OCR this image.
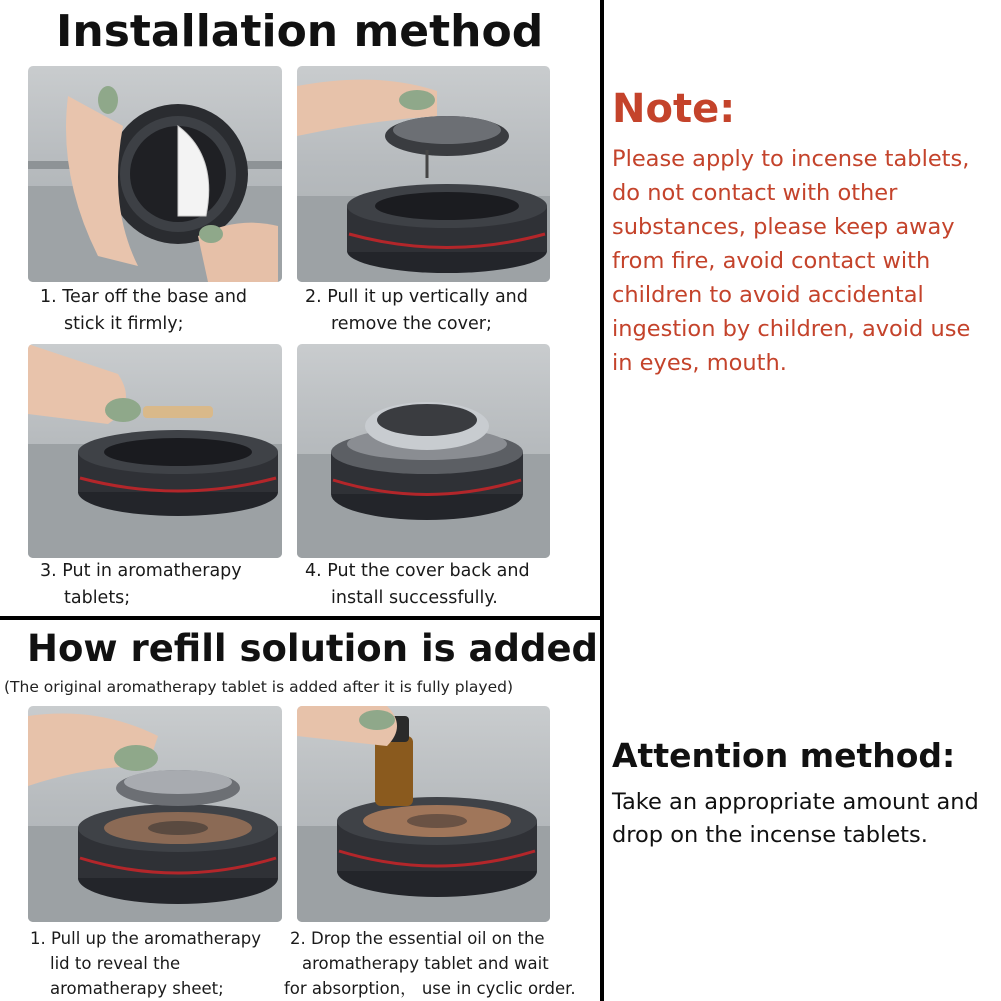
Installation method
1. Tear off the base and
stick it firmly;
2. Pull it up vertically and
remove the cover;
3. Put in aromatherapy
tablets;
4. Put the cover back and
install successfully.
How refill solution is added
(The original aromatherapy tablet is added after it is fully played)
1. Pull up the aromatherapy
lid to reveal the
aromatherapy sheet;
2. Drop the essential oil on the
aromatherapy tablet and wait
for absorption， use in cyclic order.
Note:
Please apply to incense tablets,
do not contact with other
substances, please keep away
from fire, avoid contact with
children to avoid accidental
ingestion by children, avoid use
in eyes, mouth.
Attention method:
Take an appropriate amount and
drop on the incense tablets.
